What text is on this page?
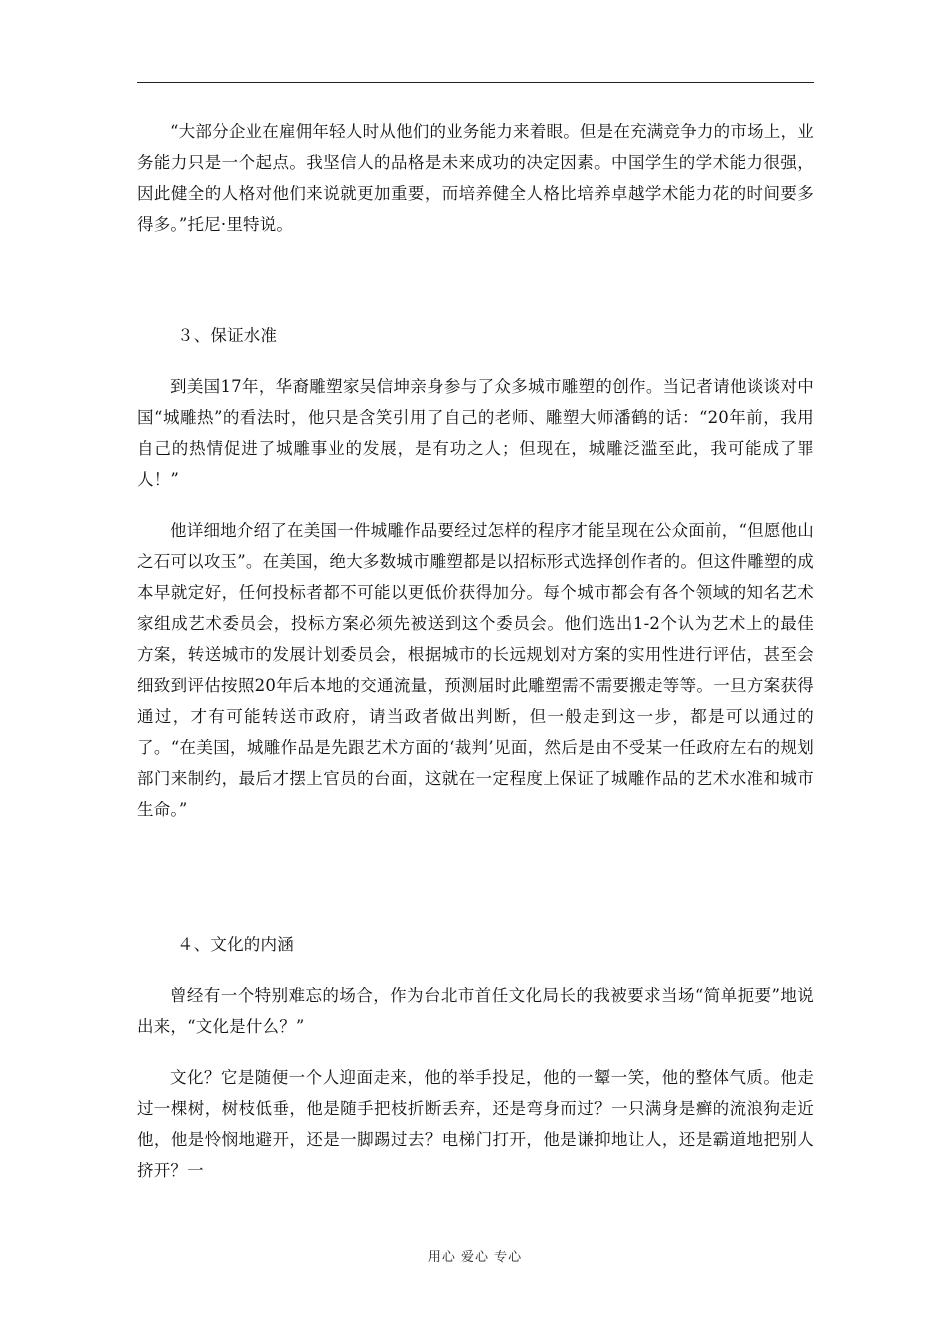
“大部分企业在雇佣年轻人时从他们的业务能力来着眼。但是在充满竞争力的市场上，业务能力只是一个起点。我坚信人的品格是未来成功的决定因素。中国学生的学术能力很强，因此健全的人格对他们来说就更加重要，而培养健全人格比培养卓越学术能力花的时间要多得多。”托尼·里特说。

３、保证水准

到美国17年，华裔雕塑家吴信坤亲身参与了众多城市雕塑的创作。当记者请他谈谈对中国“城雕热”的看法时，他只是含笑引用了自己的老师、雕塑大师潘鹤的话：“20年前，我用自己的热情促进了城雕事业的发展，是有功之人；但现在，城雕泛滥至此，我可能成了罪人！”

他详细地介绍了在美国一件城雕作品要经过怎样的程序才能呈现在公众面前，“但愿他山之石可以攻玉”。在美国，绝大多数城市雕塑都是以招标形式选择创作者的。但这件雕塑的成本早就定好，任何投标者都不可能以更低价获得加分。每个城市都会有各个领域的知名艺术家组成艺术委员会，投标方案必须先被送到这个委员会。他们选出1-2个认为艺术上的最佳方案，转送城市的发展计划委员会，根据城市的长远规划对方案的实用性进行评估，甚至会细致到评估按照20年后本地的交通流量，预测届时此雕塑需不需要搬走等等。一旦方案获得通过，才有可能转送市政府，请当政者做出判断，但一般走到这一步，都是可以通过的了。“在美国，城雕作品是先跟艺术方面的‘裁判’见面，然后是由不受某一任政府左右的规划部门来制约，最后才摆上官员的台面，这就在一定程度上保证了城雕作品的艺术水准和城市生命。”

４、文化的内涵

曾经有一个特别难忘的场合，作为台北市首任文化局长的我被要求当场“简单扼要”地说出来，“文化是什么？”

文化？它是随便一个人迎面走来，他的举手投足，他的一颦一笑，他的整体气质。他走过一棵树，树枝低垂，他是随手把枝折断丢弃，还是弯身而过？一只满身是癣的流浪狗走近他，他是怜悯地避开，还是一脚踢过去？电梯门打开，他是谦抑地让人，还是霸道地把别人挤开？一

用心 爱心 专心
